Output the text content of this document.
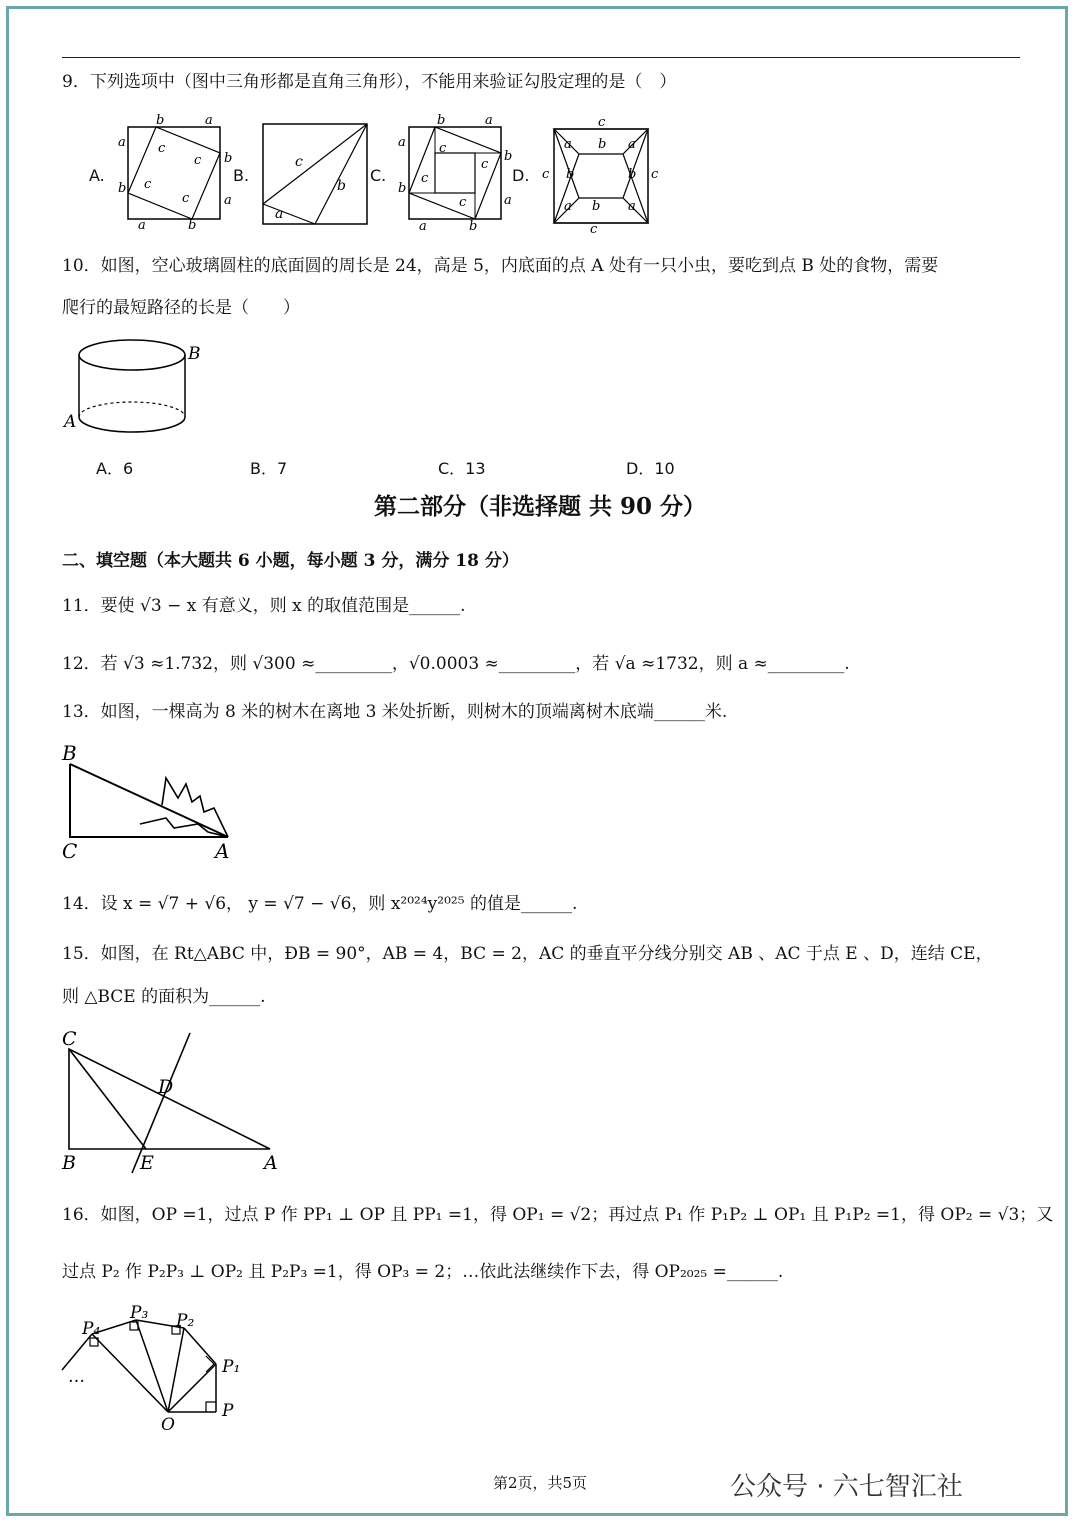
9．下列选项中（图中三角形都是直角三角形），不能用来验证勾股定理的是（　）
A.	B.	C.	D.
b	a
a
b
b
a
a	b
c
c
c
c
c
b
a
b	a
a
b
b
a
a	b
c
c
c
c
c
a b a
c b	b c
a b a
c
10．如图，空心玻璃圆柱的底面圆的周长是 24，高是 5，内底面的点 A 处有一只小虫，要吃到点 B 处的食物，需要
爬行的最短路径的长是（　　）
B
A
A．6	B．7	C．13	D．10
第二部分（非选择题 共 90 分）
二、填空题（本大题共 6 小题，每小题 3 分，满分 18 分）
11．要使 √3 − x 有意义，则 x 的取值范围是______.
12．若 √3 ≈1.732，则 √300 ≈_________，√0.0003 ≈_________，若 √a ≈1732，则 a ≈_________.
13．如图，一棵高为 8 米的树木在离地 3 米处折断，则树木的顶端离树木底端______米.
B
C	A
14．设 x = √7 + √6， y = √7 − √6，则 x²⁰²⁴y²⁰²⁵ 的值是______.
15．如图，在 Rt△ABC 中，ÐB = 90°，AB = 4，BC = 2，AC 的垂直平分线分别交 AB 、AC 于点 E 、D，连结 CE，
则 △BCE 的面积为______.
C
D
B	E	A
16．如图，OP =1，过点 P 作 PP₁ ⊥ OP 且 PP₁ =1，得 OP₁ = √2；再过点 P₁ 作 P₁P₂ ⊥ OP₁ 且 P₁P₂ =1，得 OP₂ = √3；又
过点 P₂ 作 P₂P₃ ⊥ OP₂ 且 P₂P₃ =1，得 OP₃ = 2；…依此法继续作下去，得 OP₂₀₂₅ =______.
P₁
P
P₂
P₃
P₄
O
…
第2页，共5页	公众号 · 六七智汇社
